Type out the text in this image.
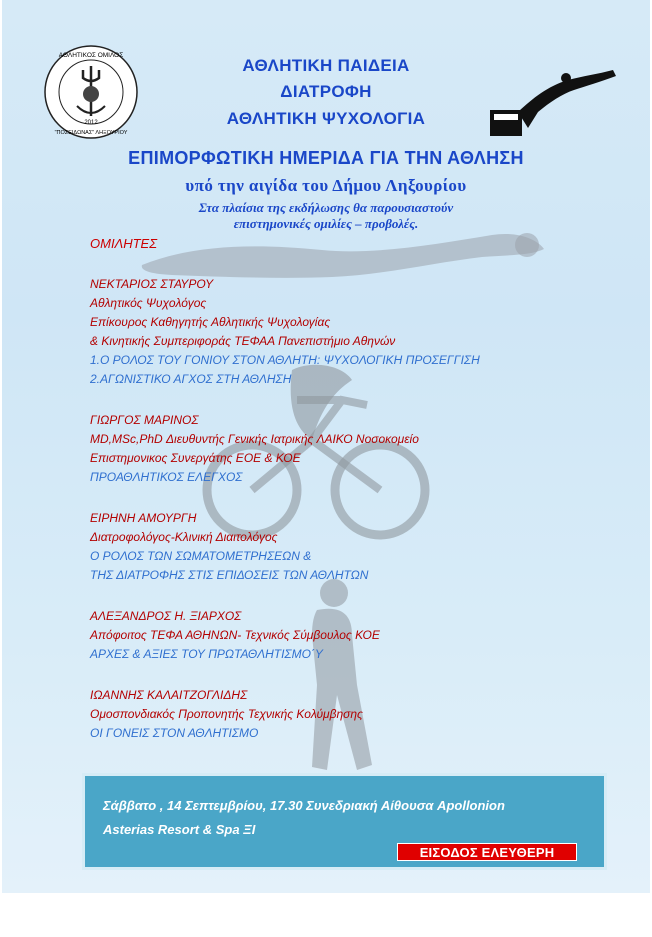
ΑΘΛΗΤΙΚΟΣ ΟΜΙΛΟΣ
"ΠΟΣΕΙΔΩΝΑΣ" ΛΗΞΟΥΡΙΟΥ
2012
ΑΘΛΗΤΙΚΗ ΠΑΙΔΕΙΑ
ΔΙΑΤΡΟΦΗ
ΑΘΛΗΤΙΚΗ ΨΥΧΟΛΟΓΙΑ
ΕΠΙΜΟΡΦΩΤΙΚΗ ΗΜΕΡΙΔΑ ΓΙΑ ΤΗΝ ΑΘΛΗΣΗ
υπό την αιγίδα του Δήμου Ληξουρίου
Στα πλαίσια της εκδήλωσης θα παρουσιαστούν
επιστημονικές ομιλίες – προβολές.
ΟΜΙΛΗΤΕΣ
ΝΕΚΤΑΡΙΟΣ ΣΤΑΥΡΟΥ
Αθλητικός Ψυχολόγος
Επίκουρος Καθηγητής Αθλητικής Ψυχολογίας
& Κινητικής Συμπεριφοράς ΤΕΦΑΑ Πανεπιστήμιο Αθηνών
1.Ο ΡΟΛΟΣ ΤΟΥ ΓΟΝΙΟΥ ΣΤΟΝ ΑΘΛΗΤΗ: ΨΥΧΟΛΟΓΙΚΗ ΠΡΟΣΕΓΓΙΣΗ
2.ΑΓΩΝΙΣΤΙΚΟ ΑΓΧΟΣ ΣΤΗ ΑΘΛΗΣΗ
ΓΙΩΡΓΟΣ ΜΑΡΙΝΟΣ
MD,MSc,PhD Διευθυντής Γενικής Ιατρικής ΛΑΙΚΟ Νοσοκομείο
Επιστημονικος Συνεργάτης ΕΟΕ & ΚΟΕ
ΠΡΟΑΘΛΗΤΙΚΟΣ ΕΛΕΓΧΟΣ
ΕΙΡΗΝΗ ΑΜΟΥΡΓΗ
Διατροφολόγος-Κλινική Διαιτολόγος
Ο ΡΟΛΟΣ ΤΩΝ ΣΩΜΑΤΟΜΕΤΡΗΣΕΩΝ &
ΤΗΣ ΔΙΑΤΡΟΦΗΣ ΣΤΙΣ ΕΠΙΔΟΣΕΙΣ ΤΩΝ ΑΘΛΗΤΩΝ
ΑΛΕΞΑΝΔΡΟΣ Η. ΞΙΑΡΧΟΣ
Απόφοιτος ΤΕΦΑ ΑΘΗΝΩΝ- Τεχνικός Σύμβουλος ΚΟΕ
ΑΡΧΕΣ & ΑΞΙΕΣ ΤΟΥ ΠΡΩΤΑΘΛΗΤΙΣΜΟ΄Υ
ΙΩΑΝΝΗΣ ΚΑΛΑΙΤΖΟΓΛΙΔΗΣ
Ομοσπονδιακός Προπονητής Τεχνικής Κολύμβησης
ΟΙ ΓΟΝΕΙΣ ΣΤΟΝ ΑΘΛΗΤΙΣΜΟ
Σάββατο , 14 Σεπτεμβρίου, 17.30 Συνεδριακή Αίθουσα Apollonion
Asterias Resort & Spa ΞΙ
ΕΙΣΟΔΟΣ ΕΛΕΥΘΕΡΗ
